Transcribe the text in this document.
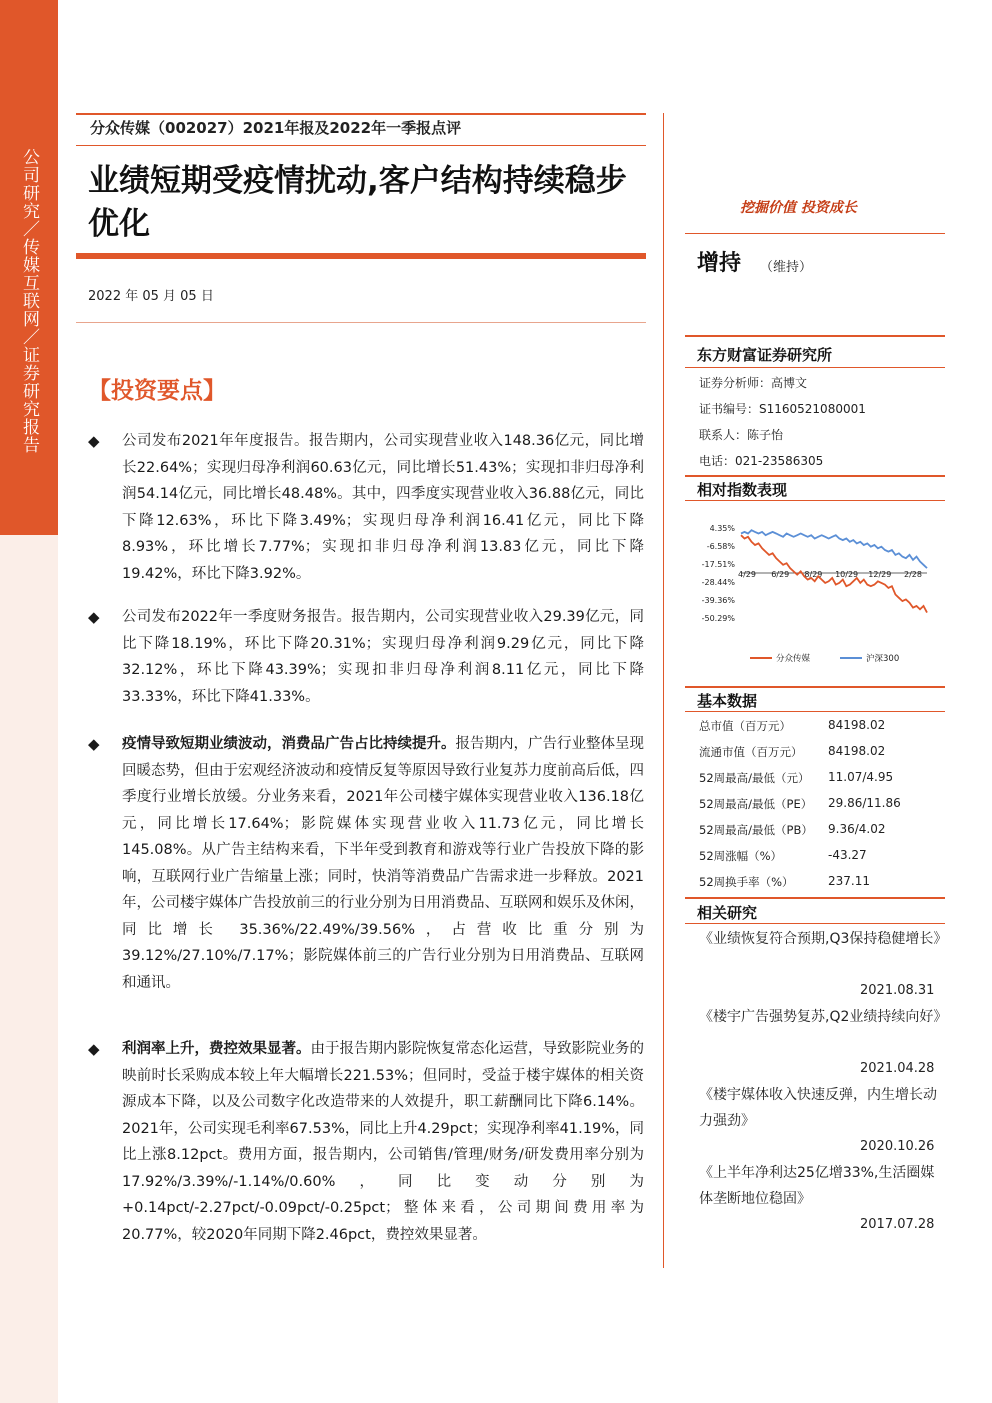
公司研究／传媒互联网／证券研究报告
分众传媒（002027）2021年报及2022年一季报点评
业绩短期受疫情扰动,客户结构持续稳步优化
2022 年 05 月 05 日
【投资要点】
◆	公司发布2021年年度报告。报告期内，公司实现营业收入148.36亿元，同比增长22.64%；实现归母净利润60.63亿元，同比增长51.43%；实现扣非归母净利润54.14亿元，同比增长48.48%。其中，四季度实现营业收入36.88亿元，同比下降12.63%，环比下降3.49%；实现归母净利润16.41亿元，同比下降8.93%，环比增长7.77%；实现扣非归母净利润13.83亿元，同比下降19.42%，环比下降3.92%。
◆	公司发布2022年一季度财务报告。报告期内，公司实现营业收入29.39亿元，同比下降18.19%，环比下降20.31%；实现归母净利润9.29亿元，同比下降32.12%，环比下降43.39%；实现扣非归母净利润8.11亿元，同比下降33.33%，环比下降41.33%。
◆	疫情导致短期业绩波动，消费品广告占比持续提升。报告期内，广告行业整体呈现回暖态势，但由于宏观经济波动和疫情反复等原因导致行业复苏力度前高后低，四季度行业增长放缓。分业务来看，2021年公司楼宇媒体实现营业收入136.18亿元，同比增长17.64%；影院媒体实现营业收入11.73亿元，同比增长145.08%。从广告主结构来看，下半年受到教育和游戏等行业广告投放下降的影响，互联网行业广告缩量上涨；同时，快消等消费品广告需求进一步释放。2021年，公司楼宇媒体广告投放前三的行业分别为日用消费品、互联网和娱乐及休闲，同比增长 35.36%/22.49%/39.56%，占营收比重分别为39.12%/27.10%/7.17%；影院媒体前三的广告行业分别为日用消费品、互联网和通讯。
◆	利润率上升，费控效果显著。由于报告期内影院恢复常态化运营，导致影院业务的映前时长采购成本较上年大幅增长221.53%；但同时，受益于楼宇媒体的相关资源成本下降，以及公司数字化改造带来的人效提升，职工薪酬同比下降6.14%。2021年，公司实现毛利率67.53%，同比上升4.29pct；实现净利率41.19%，同比上涨8.12pct。费用方面，报告期内，公司销售/管理/财务/研发费用率分别为17.92%/3.39%/-1.14%/0.60%，同比变动分别为+0.14pct/-2.27pct/-0.09pct/-0.25pct；整体来看，公司期间费用率为20.77%，较2020年同期下降2.46pct，费控效果显著。
挖掘价值 投资成长
增持 （维持）
东方财富证券研究所
证券分析师：高博文
证书编号：S1160521080001
联系人：陈子怡
电话：021-23586305
相对指数表现
4.35%
-6.58%
-17.51%
-28.44%
-39.36%
-50.29%
4/29 6/29 8/29 10/29 12/29 2/28
分众传媒	沪深300
基本数据
总市值（百万元）	84198.02
流通市值（百万元） 84198.02
52周最高/最低（元） 11.07/4.95
52周最高/最低（PE） 29.86/11.86
52周最高/最低（PB） 9.36/4.02
52周涨幅（%）	-43.27
52周换手率（%）	237.11
相关研究
《业绩恢复符合预期,Q3保持稳健增长》
2021.08.31
《楼宇广告强势复苏,Q2业绩持续向好》
2021.04.28
《楼宇媒体收入快速反弹，内生增长动力强劲》
2020.10.26
《上半年净利达25亿增33%,生活圈媒体垄断地位稳固》
2017.07.28
